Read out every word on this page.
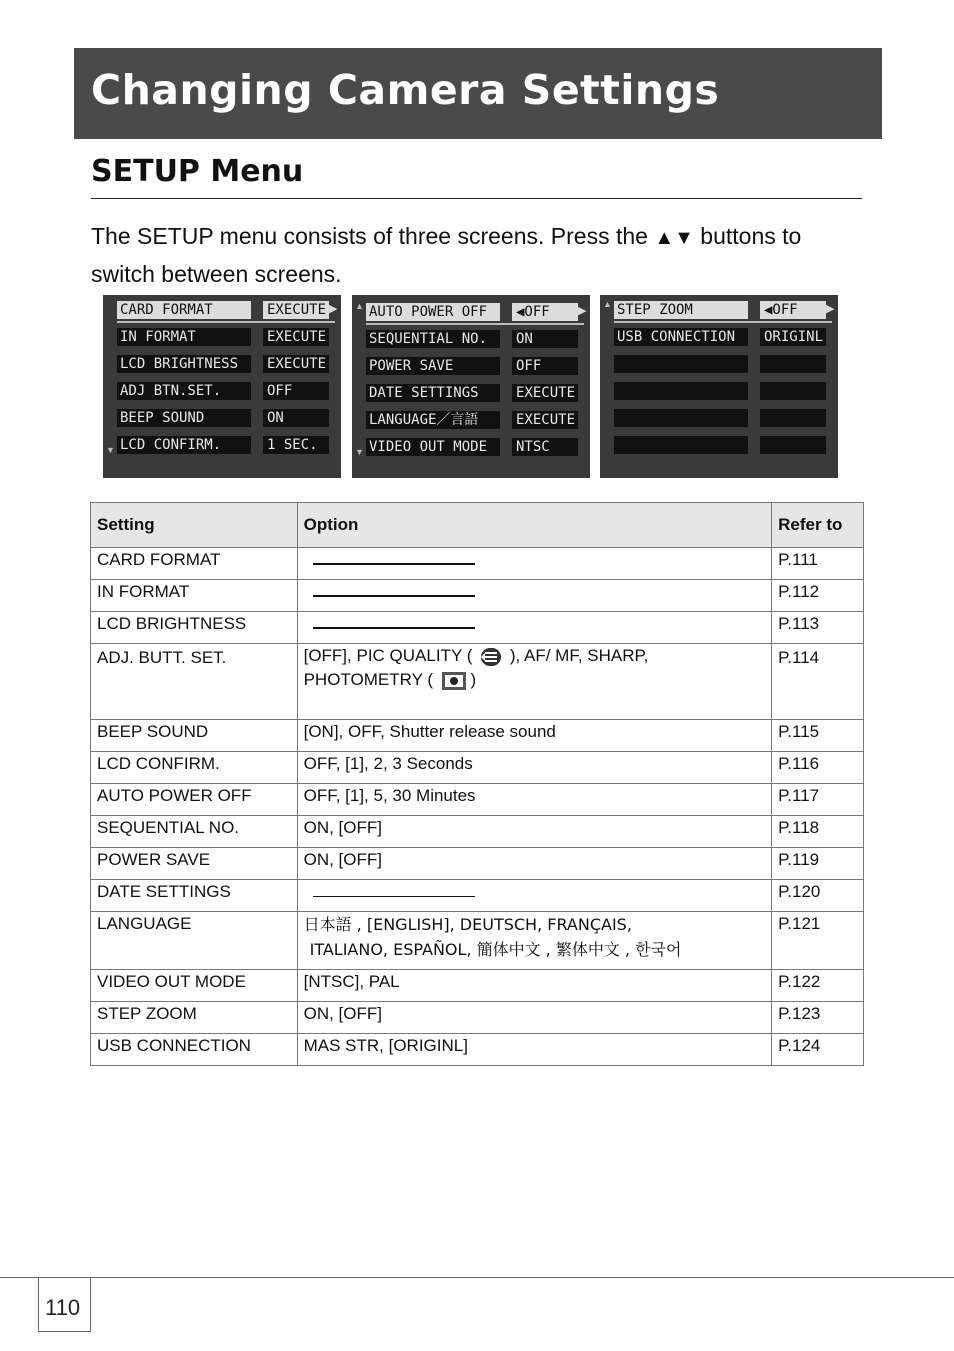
Changing Camera Settings
SETUP Menu

The SETUP menu consists of three screens. Press the ▲▼ buttons to switch between screens.

CARD FORMAT	EXECUTE ▶
IN FORMAT	EXECUTE
LCD BRIGHTNESS	EXECUTE
ADJ BTN.SET.	OFF
BEEP SOUND	ON
LCD CONFIRM.	1 SEC.
▼
▲ AUTO POWER OFF	◀OFF	▶
SEQUENTIAL NO.	ON
POWER SAVE	OFF
DATE SETTINGS	EXECUTE
LANGUAGE／言語	EXECUTE
VIDEO OUT MODE	NTSC
▼
▲ STEP ZOOM	◀OFF	▶
USB CONNECTION	ORIGINL
Setting	Option	Refer to
CARD FORMAT		P.111
IN FORMAT		P.112
LCD BRIGHTNESS		P.113
ADJ. BUTT. SET.	[OFF], PIC QUALITY ( ), AF/ MF, SHARP,
PHOTOMETRY ( )	P.114
BEEP SOUND	[ON], OFF, Shutter release sound	P.115
LCD CONFIRM.	OFF, [1], 2, 3 Seconds	P.116
AUTO POWER OFF	OFF, [1], 5, 30 Minutes	P.117
SEQUENTIAL NO.	ON, [OFF]	P.118
POWER SAVE	ON, [OFF]	P.119
DATE SETTINGS		P.120
LANGUAGE	日本語 , [ENGLISH], DEUTSCH, FRANÇAIS,
ITALIANO, ESPAÑOL, 簡体中文 , 繁体中文 , 한국어	P.121
VIDEO OUT MODE	[NTSC], PAL	P.122
STEP ZOOM	ON, [OFF]	P.123
USB CONNECTION	MAS STR, [ORIGINL]	P.124
110
